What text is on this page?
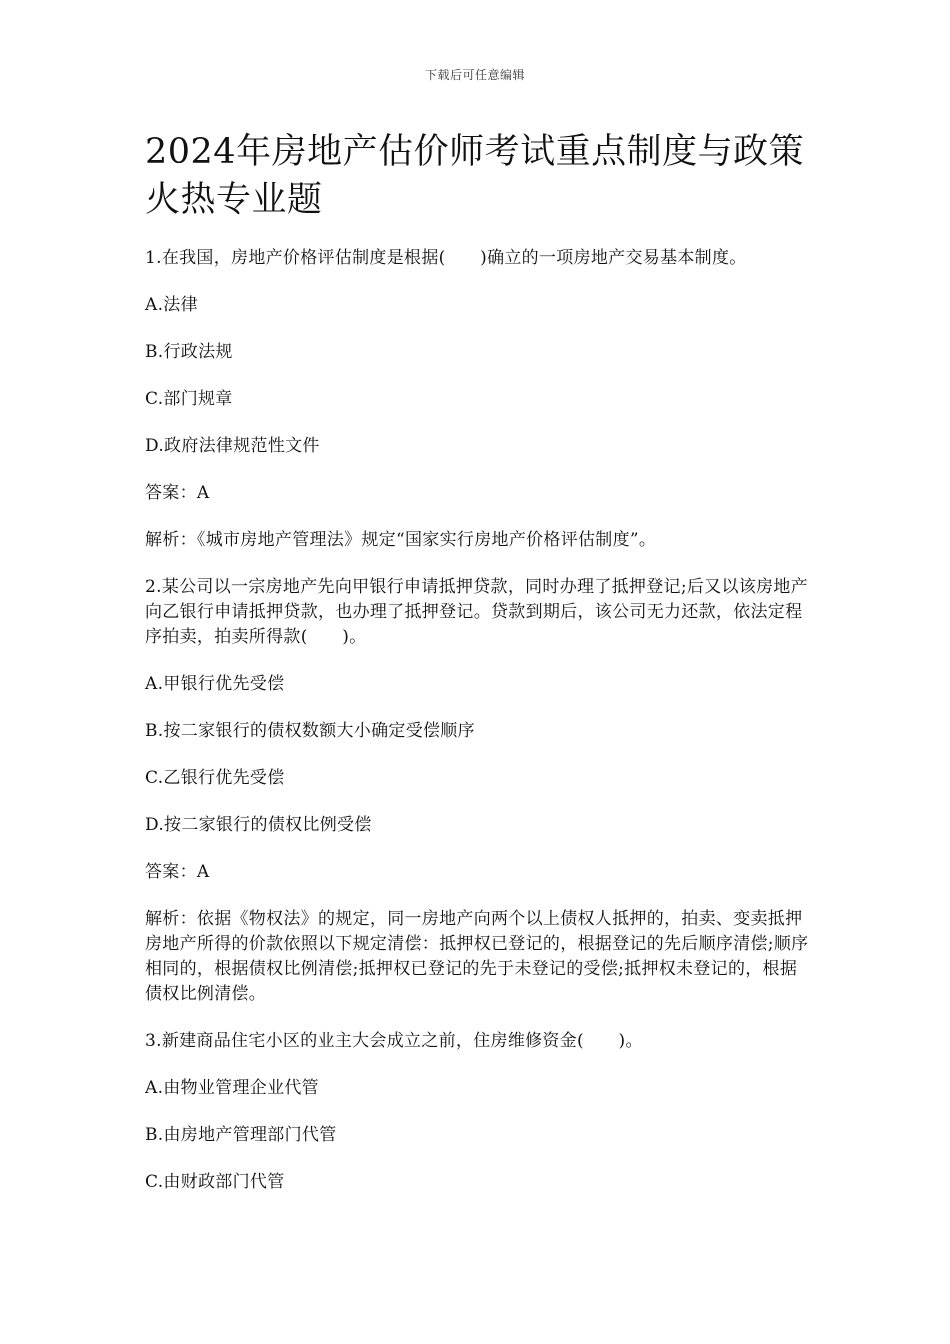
下载后可任意编辑
2024年房地产估价师考试重点制度与政策火热专业题

1.在我国，房地产价格评估制度是根据(　　)确立的一项房地产交易基本制度。

A.法律

B.行政法规

C.部门规章

D.政府法律规范性文件

答案：A

解析：《城市房地产管理法》规定“国家实行房地产价格评估制度”。

2.某公司以一宗房地产先向甲银行申请抵押贷款，同时办理了抵押登记;后又以该房地产向乙银行申请抵押贷款，也办理了抵押登记。贷款到期后，该公司无力还款，依法定程序拍卖，拍卖所得款(　　)。

A.甲银行优先受偿

B.按二家银行的债权数额大小确定受偿顺序

C.乙银行优先受偿

D.按二家银行的债权比例受偿

答案：A

解析：依据《物权法》的规定，同一房地产向两个以上债权人抵押的，拍卖、变卖抵押房地产所得的价款依照以下规定清偿：抵押权已登记的，根据登记的先后顺序清偿;顺序相同的，根据债权比例清偿;抵押权已登记的先于未登记的受偿;抵押权未登记的，根据债权比例清偿。

3.新建商品住宅小区的业主大会成立之前，住房维修资金(　　)。

A.由物业管理企业代管

B.由房地产管理部门代管

C.由财政部门代管
